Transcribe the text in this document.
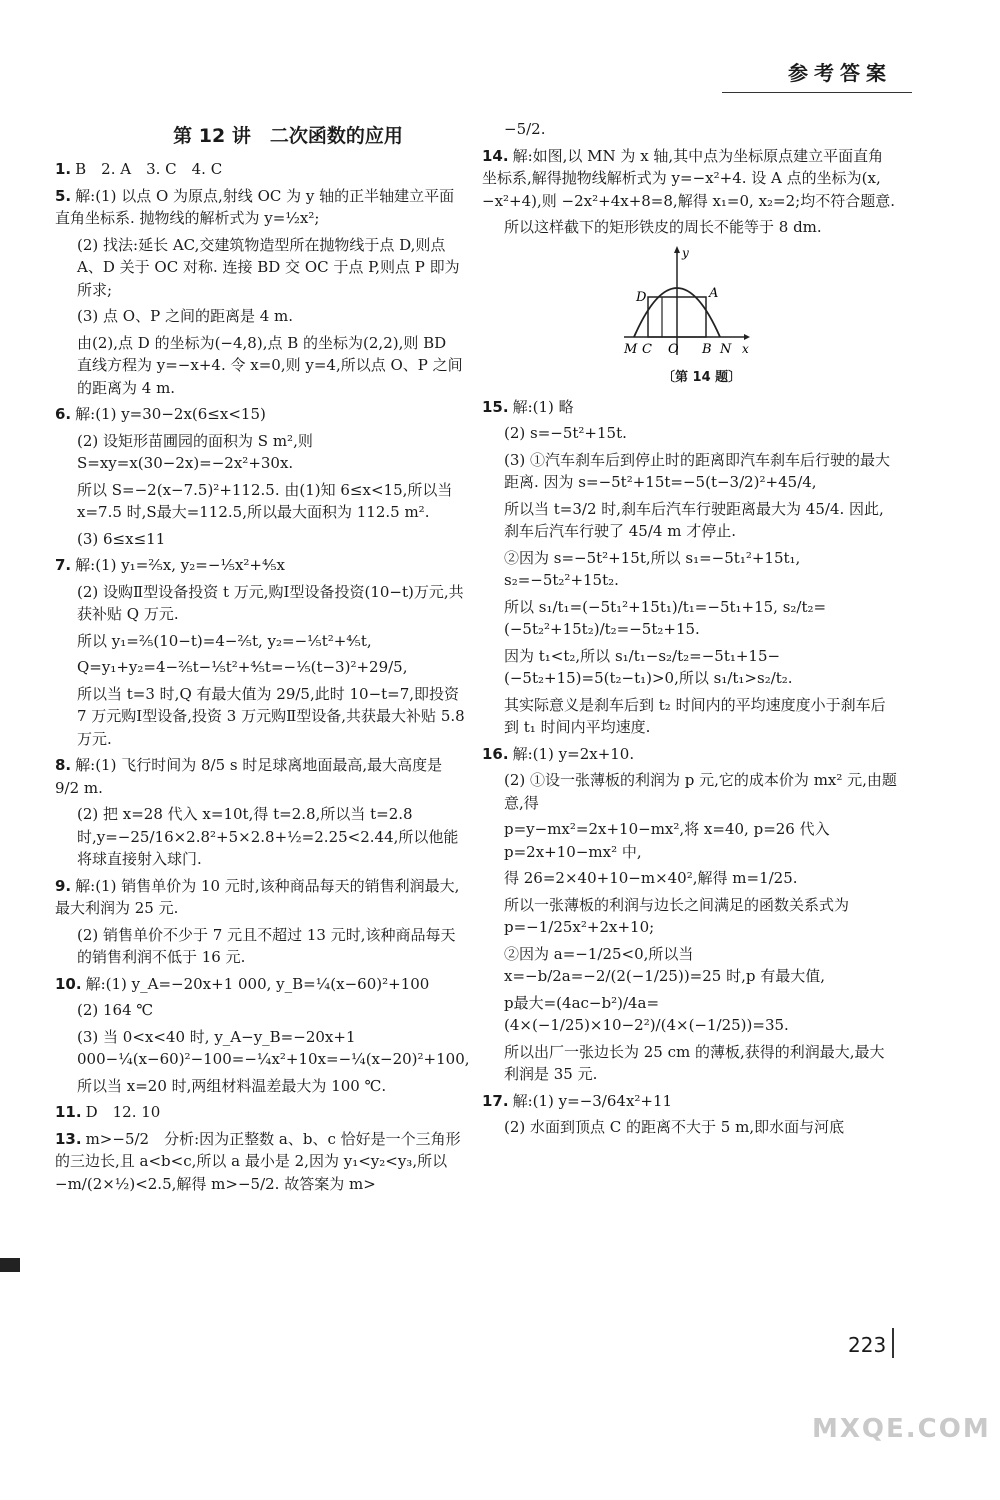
参考答案
第 12 讲　二次函数的应用

1. B　2. A　3. C　4. C

5. 解:(1) 以点 O 为原点,射线 OC 为 y 轴的正半轴建立平面直角坐标系. 抛物线的解析式为 y=½x²;

(2) 找法:延长 AC,交建筑物造型所在抛物线于点 D,则点 A、D 关于 OC 对称. 连接 BD 交 OC 于点 P,则点 P 即为所求;

(3) 点 O、P 之间的距离是 4 m.

由(2),点 D 的坐标为(−4,8),点 B 的坐标为(2,2),则 BD 直线方程为 y=−x+4. 令 x=0,则 y=4,所以点 O、P 之间的距离为 4 m.

6. 解:(1) y=30−2x(6≤x<15)

(2) 设矩形苗圃园的面积为 S m²,则 S=xy=x(30−2x)=−2x²+30x.

所以 S=−2(x−7.5)²+112.5. 由(1)知 6≤x<15,所以当 x=7.5 时,S最大=112.5,所以最大面积为 112.5 m².

(3) 6≤x≤11

7. 解:(1) y₁=⅖x, y₂=−⅕x²+⅘x

(2) 设购Ⅱ型设备投资 t 万元,购Ⅰ型设备投资(10−t)万元,共获补贴 Q 万元.

所以 y₁=⅖(10−t)=4−⅖t, y₂=−⅕t²+⅘t,

Q=y₁+y₂=4−⅖t−⅕t²+⅘t=−⅕(t−3)²+29/5,

所以当 t=3 时,Q 有最大值为 29/5,此时 10−t=7,即投资 7 万元购Ⅰ型设备,投资 3 万元购Ⅱ型设备,共获最大补贴 5.8 万元.

8. 解:(1) 飞行时间为 8/5 s 时足球离地面最高,最大高度是 9/2 m.

(2) 把 x=28 代入 x=10t,得 t=2.8,所以当 t=2.8 时,y=−25/16×2.8²+5×2.8+½=2.25<2.44,所以他能将球直接射入球门.

9. 解:(1) 销售单价为 10 元时,该种商品每天的销售利润最大,最大利润为 25 元.

(2) 销售单价不少于 7 元且不超过 13 元时,该种商品每天的销售利润不低于 16 元.

10. 解:(1) y_A=−20x+1 000, y_B=¼(x−60)²+100

(2) 164 ℃

(3) 当 0<x<40 时, y_A−y_B=−20x+1 000−¼(x−60)²−100=−¼x²+10x=−¼(x−20)²+100,

所以当 x=20 时,两组材料温差最大为 100 ℃.

11. D　12. 10

13. m>−5/2　分析:因为正整数 a、b、c 恰好是一个三角形的三边长,且 a<b<c,所以 a 最小是 2,因为 y₁<y₂<y₃,所以 −m/(2×½)<2.5,解得 m>−5/2. 故答案为 m>

−5/2.

14. 解:如图,以 MN 为 x 轴,其中点为坐标原点建立平面直角坐标系,解得抛物线解析式为 y=−x²+4. 设 A 点的坐标为(x,−x²+4),则 −2x²+4x+8=8,解得 x₁=0, x₂=2;均不符合题意.

所以这样截下的矩形铁皮的周长不能等于 8 dm.

y
x
D	A
M C O B N
〔第 14 题〕

15. 解:(1) 略

(2) s=−5t²+15t.

(3) ①汽车刹车后到停止时的距离即汽车刹车后行驶的最大距离. 因为 s=−5t²+15t=−5(t−3/2)²+45/4,

所以当 t=3/2 时,刹车后汽车行驶距离最大为 45/4. 因此,刹车后汽车行驶了 45/4 m 才停止.

②因为 s=−5t²+15t,所以 s₁=−5t₁²+15t₁, s₂=−5t₂²+15t₂.

所以 s₁/t₁=(−5t₁²+15t₁)/t₁=−5t₁+15, s₂/t₂=(−5t₂²+15t₂)/t₂=−5t₂+15.

因为 t₁<t₂,所以 s₁/t₁−s₂/t₂=−5t₁+15−(−5t₂+15)=5(t₂−t₁)>0,所以 s₁/t₁>s₂/t₂.

其实际意义是刹车后到 t₂ 时间内的平均速度度小于刹车后到 t₁ 时间内平均速度.

16. 解:(1) y=2x+10.

(2) ①设一张薄板的利润为 p 元,它的成本价为 mx² 元,由题意,得

p=y−mx²=2x+10−mx²,将 x=40, p=26 代入 p=2x+10−mx² 中,

得 26=2×40+10−m×40²,解得 m=1/25.

所以一张薄板的利润与边长之间满足的函数关系式为 p=−1/25x²+2x+10;

②因为 a=−1/25<0,所以当 x=−b/2a=−2/(2(−1/25))=25 时,p 有最大值,

p最大=(4ac−b²)/4a=(4×(−1/25)×10−2²)/(4×(−1/25))=35.

所以出厂一张边长为 25 cm 的薄板,获得的利润最大,最大利润是 35 元.

17. 解:(1) y=−3/64x²+11

(2) 水面到顶点 C 的距离不大于 5 m,即水面与河底

223
MXQE.COM
